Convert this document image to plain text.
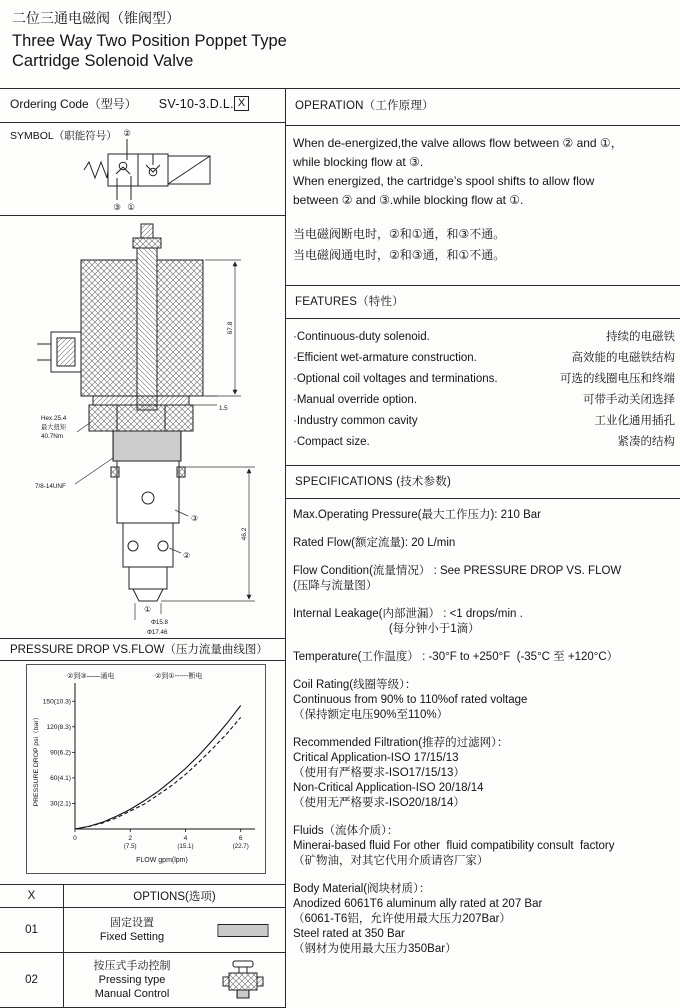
二位三通电磁阀（锥阀型）
Three Way Two Position Poppet Type
Cartridge Solenoid Valve
Ordering Code（型号） SV-10-3.D.L. X
SYMBOL（职能符号） ②
③ ①
67.8
1.5
Hex.25.4
最大扭矩
40.7Nm
7/8-14UNF
③
②
①
46.2
Φ15.8
Φ17.46
PRESSURE DROP VS.FLOW（压力流量曲线图）
②到③——通电	②到①------断电
PRESSURE DROP psi（bar）
FLOW gpm(lpm)
30(2.1)
60(4.1)
90(6.2)
120(8.3)
150(10.3)
0	2
(7.5)
4
(15.1)
6
(22.7)
X	OPTIONS(选项)
01
固定设置
Fixed Setting
02
按压式手动控制
Pressing type
Manual Control
OPERATION（工作原理）
When de-energized,the valve allows flow between ② and ①，
while blocking flow at ③.
When energized, the cartridge’s spool shifts to allow flow
between ② and ③.while blocking flow at ①.
当电磁阀断电时，②和①通，和③不通。
当电磁阀通电时，②和③通，和①不通。
FEATURES（特性）
·Continuous-duty solenoid.	持续的电磁铁
·Efficient wet-armature construction.	高效能的电磁铁结构
·Optional coil voltages and terminations.	可选的线圈电压和终端
·Manual override option.	可带手动关闭选择
·Industry common cavity	工业化通用插孔
·Compact size.	紧凑的结构
SPECIFICATIONS (技术参数)
Max.Operating Pressure(最大工作压力): 210 Bar
Rated Flow(额定流量): 20 L/min
Flow Condition(流量情况） : See PRESSURE DROP VS. FLOW
(压降与流量图）
Internal Leakage(内部泄漏） : <1 drops/min .
(每分钟小于1滴）
Temperature(工作温度） : -30°F to +250°F  (-35°C 至 +120°C）
Coil Rating(线圈等级）：
Continuous from 90% to 110%of rated voltage
（保持额定电压90%至110%）
Recommended Filtration(推荐的过滤网）：
Critical Application-ISO 17/15/13
（使用有严格要求-ISO17/15/13）
Non-Critical Application-ISO 20/18/14
（使用无严格要求-ISO20/18/14）
Fluids（流体介质）：
Minerai-based fluid For other  fluid compatibility consult  factory
（矿物油，对其它代用介质请咨厂家）
Body Material(阀块材质）：
Anodized 6061T6 aluminum ally rated at 207 Bar
（6061-T6铝，允许使用最大压力207Bar）
Steel rated at 350 Bar
（钢材为使用最大压力350Bar）
